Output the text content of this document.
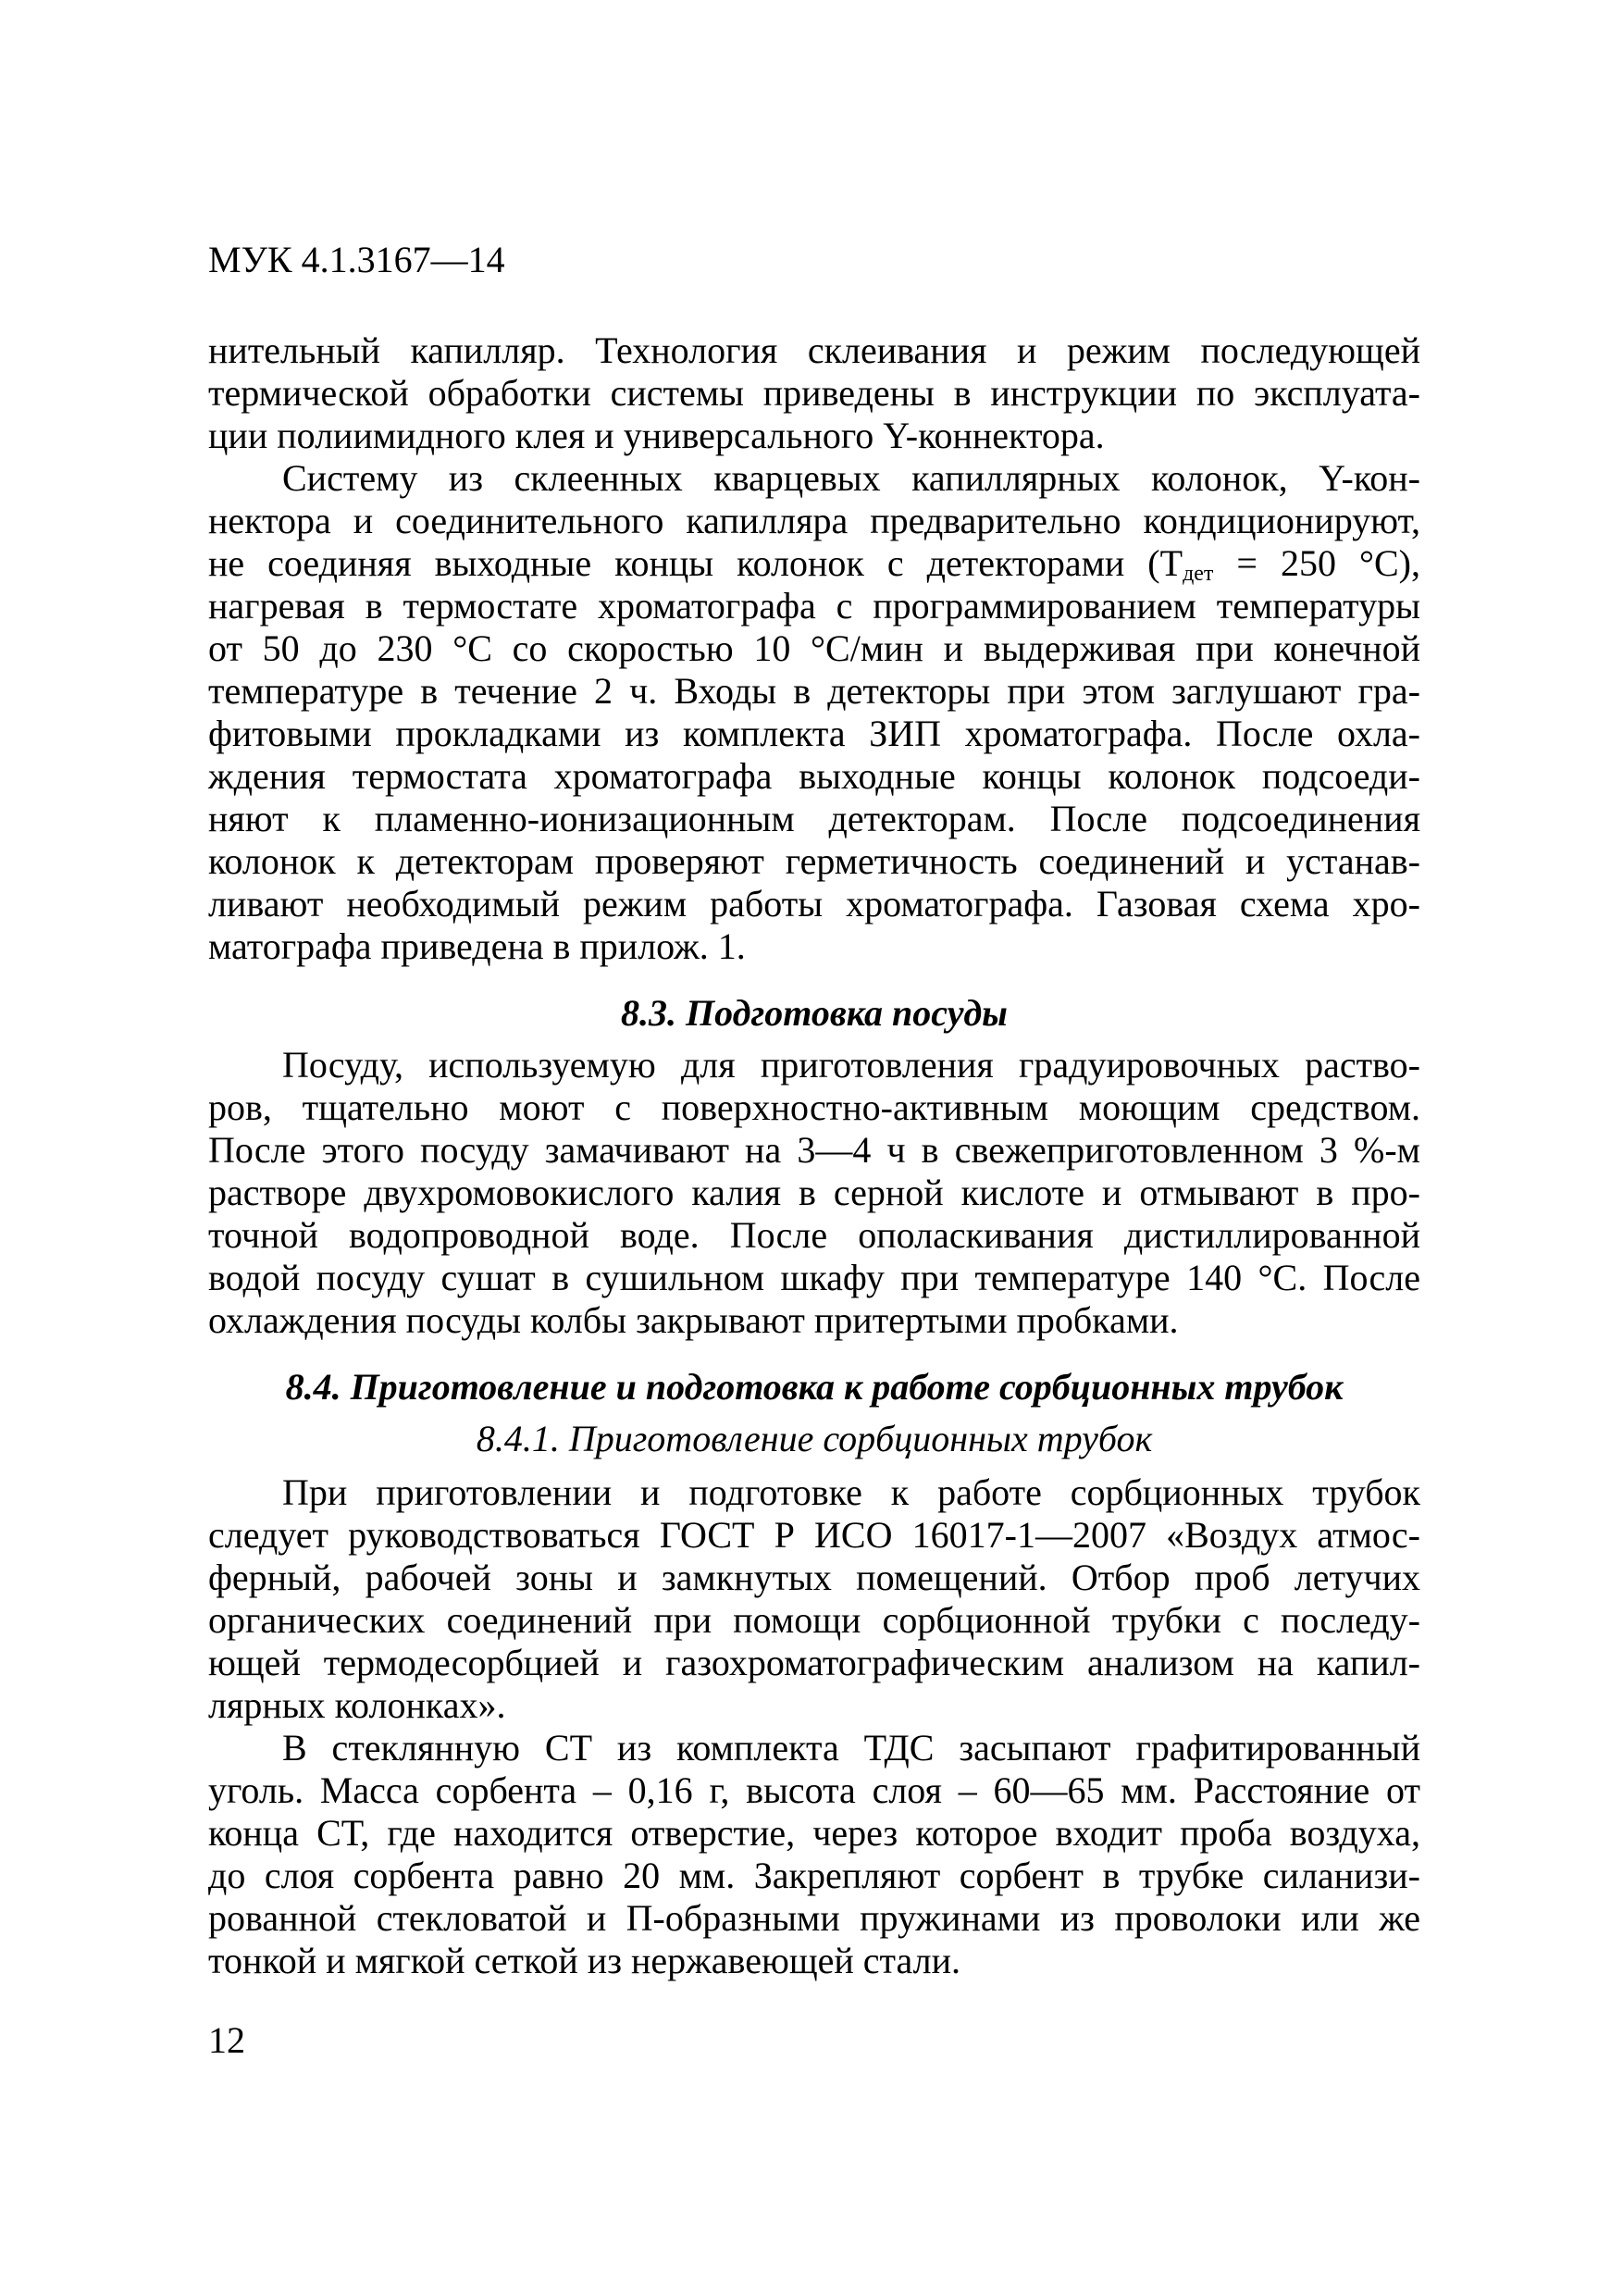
МУК 4.1.3167—14
нительный капилляр. Технология склеивания и режим последующей
термической обработки системы приведены в инструкции по эксплуата-
ции полиимидного клея и универсального Y-коннектора.
Систему из склеенных кварцевых капиллярных колонок, Y-кон-
нектора и соединительного капилляра предварительно кондиционируют,
не соединяя выходные концы колонок с детекторами ($Т_{дет} = 250$ °С),
нагревая в термостате хроматографа с программированием температуры
от 50 до 230 °С со скоростью 10 °С/мин и выдерживая при конечной
температуре в течение 2 ч. Входы в детекторы при этом заглушают гра-
фитовыми прокладками из комплекта ЗИП хроматографа. После охла-
ждения термостата хроматографа выходные концы колонок подсоеди-
няют к пламенно-ионизационным детекторам. После подсоединения
колонок к детекторам проверяют герметичность соединений и устанав-
ливают необходимый режим работы хроматографа. Газовая схема хро-
матографа приведена в прилож. 1.
8.3. Подготовка посуды
Посуду, используемую для приготовления градуировочных раство-
ров, тщательно моют с поверхностно-активным моющим средством.
После этого посуду замачивают на 3—4 ч в свежеприготовленном 3 %-м
растворе двухромовокислого калия в серной кислоте и отмывают в про-
точной водопроводной воде. После ополаскивания дистиллированной
водой посуду сушат в сушильном шкафу при температуре 140 °С. После
охлаждения посуды колбы закрывают притертыми пробками.
8.4. Приготовление и подготовка к работе сорбционных трубок
8.4.1. Приготовление сорбционных трубок
При приготовлении и подготовке к работе сорбционных трубок
следует руководствоваться ГОСТ Р ИСО 16017-1—2007 «Воздух атмос-
ферный, рабочей зоны и замкнутых помещений. Отбор проб летучих
органических соединений при помощи сорбционной трубки с последу-
ющей термодесорбцией и газохроматографическим анализом на капил-
лярных колонках».
В стеклянную СТ из комплекта ТДС засыпают графитированный
уголь. Масса сорбента – 0,16 г, высота слоя – 60—65 мм. Расстояние от
конца СТ, где находится отверстие, через которое входит проба воздуха,
до слоя сорбента равно 20 мм. Закрепляют сорбент в трубке силанизи-
рованной стекловатой и П-образными пружинами из проволоки или же
тонкой и мягкой сеткой из нержавеющей стали.
12
